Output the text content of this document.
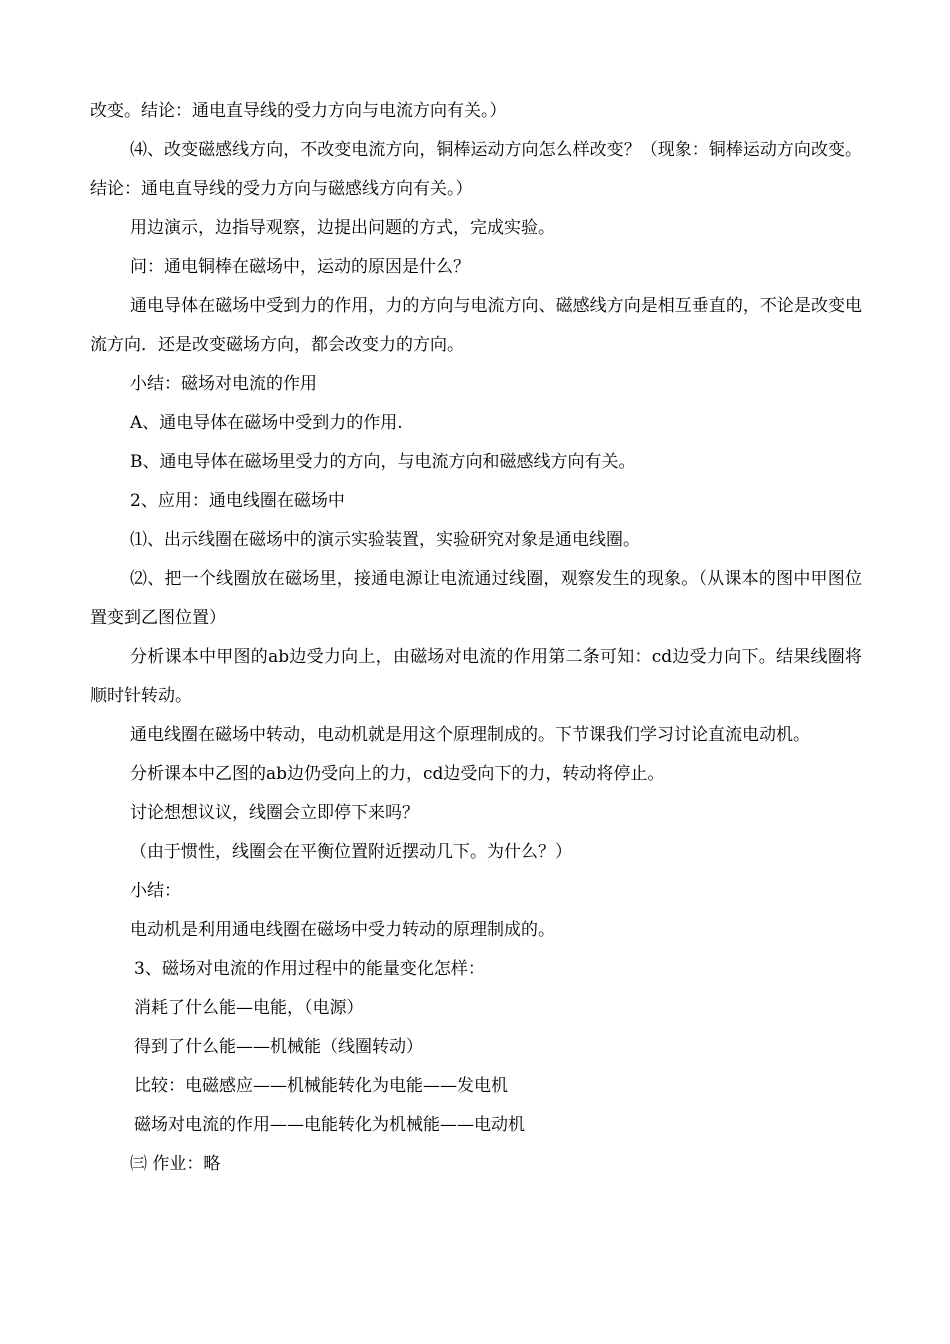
改变。结论：通电直导线的受力方向与电流方向有关。）

⑷、改变磁感线方向，不改变电流方向，铜棒运动方向怎么样改变？（现象：铜棒运动方向改变。结论：通电直导线的受力方向与磁感线方向有关。）

用边演示，边指导观察，边提出问题的方式，完成实验。

问：通电铜棒在磁场中，运动的原因是什么？

通电导体在磁场中受到力的作用，力的方向与电流方向、磁感线方向是相互垂直的，不论是改变电流方向．还是改变磁场方向，都会改变力的方向。

小结：磁场对电流的作用

A、通电导体在磁场中受到力的作用.

B、通电导体在磁场里受力的方向，与电流方向和磁感线方向有关。

2、应用：通电线圈在磁场中

⑴、出示线圈在磁场中的演示实验装置，实验研究对象是通电线圈。

⑵、把一个线圈放在磁场里，接通电源让电流通过线圈，观察发生的现象。（从课本的图中甲图位置变到乙图位置）

分析课本中甲图的ab边受力向上，由磁场对电流的作用第二条可知：cd边受力向下。结果线圈将顺时针转动。

通电线圈在磁场中转动，电动机就是用这个原理制成的。下节课我们学习讨论直流电动机。

分析课本中乙图的ab边仍受向上的力，cd边受向下的力，转动将停止。

讨论想想议议，线圈会立即停下来吗？

（由于惯性，线圈会在平衡位置附近摆动几下。为什么？）

小结：

电动机是利用通电线圈在磁场中受力转动的原理制成的。

3、磁场对电流的作用过程中的能量变化怎样：

消耗了什么能—电能，（电源）

得到了什么能——机械能（线圈转动）

比较：电磁感应——机械能转化为电能——发电机

磁场对电流的作用——电能转化为机械能——电动机

㈢ 作业：略
